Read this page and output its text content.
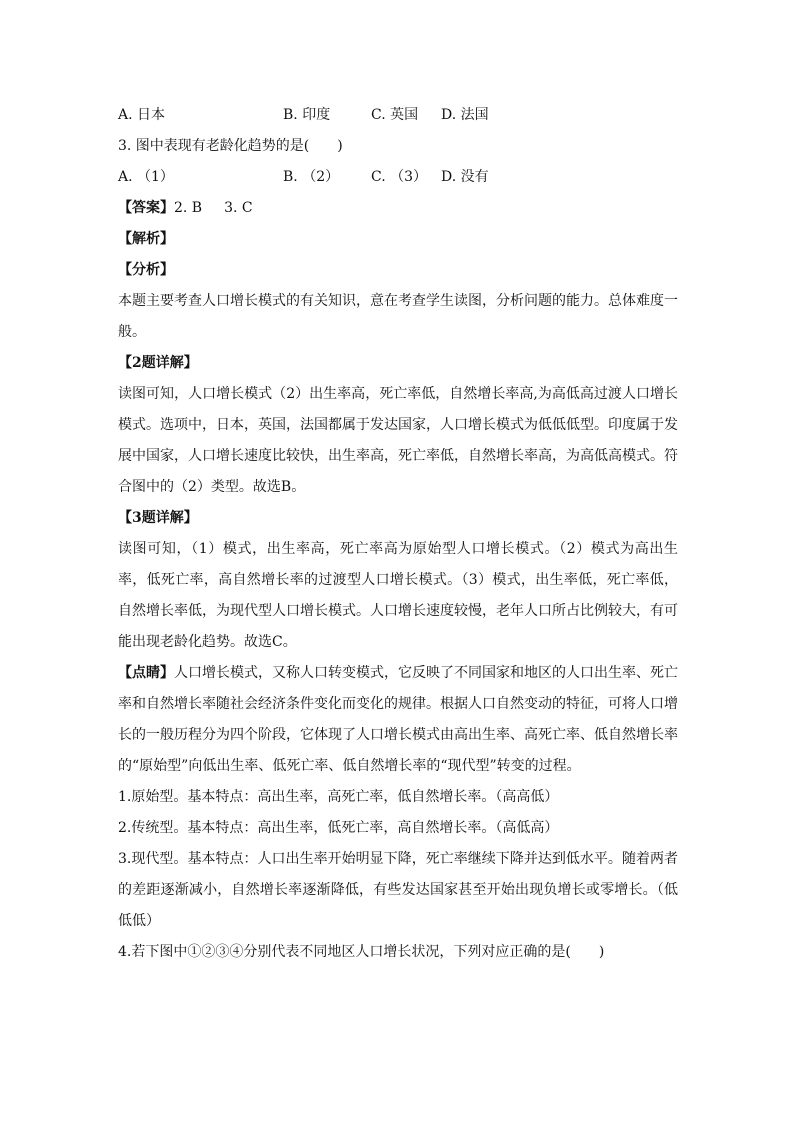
A. 日本	B. 印度	C. 英国 D. 法国
3. 图中表现有老龄化趋势的是(　　)
A. （1）	B. （2） C. （3） D. 没有
【答案】2. B 3. C
【解析】
【分析】
本题主要考查人口增长模式的有关知识，意在考查学生读图，分析问题的能力。总体难度一般。
【2题详解】
读图可知，人口增长模式（2）出生率高，死亡率低，自然增长率高,为高低高过渡人口增长模式。选项中，日本，英国，法国都属于发达国家，人口增长模式为低低低型。印度属于发展中国家，人口增长速度比较快，出生率高，死亡率低，自然增长率高，为高低高模式。符合图中的（2）类型。故选B。
【3题详解】
读图可知，（1）模式，出生率高，死亡率高为原始型人口增长模式。（2）模式为高出生率，低死亡率，高自然增长率的过渡型人口增长模式。（3）模式，出生率低，死亡率低，自然增长率低，为现代型人口增长模式。人口增长速度较慢，老年人口所占比例较大，有可能出现老龄化趋势。故选C。
【点睛】人口增长模式，又称人口转变模式，它反映了不同国家和地区的人口出生率、死亡率和自然增长率随社会经济条件变化而变化的规律。根据人口自然变动的特征，可将人口增长的一般历程分为四个阶段，它体现了人口增长模式由高出生率、高死亡率、低自然增长率的“原始型”向低出生率、低死亡率、低自然增长率的“现代型”转变的过程。
1.原始型。基本特点：高出生率，高死亡率，低自然增长率。（高高低）
2.传统型。基本特点：高出生率，低死亡率，高自然增长率。（高低高）
3.现代型。基本特点：人口出生率开始明显下降，死亡率继续下降并达到低水平。随着两者的差距逐渐减小，自然增长率逐渐降低，有些发达国家甚至开始出现负增长或零增长。（低低低）
4.若下图中①②③④分别代表不同地区人口增长状况，下列对应正确的是(　　)
